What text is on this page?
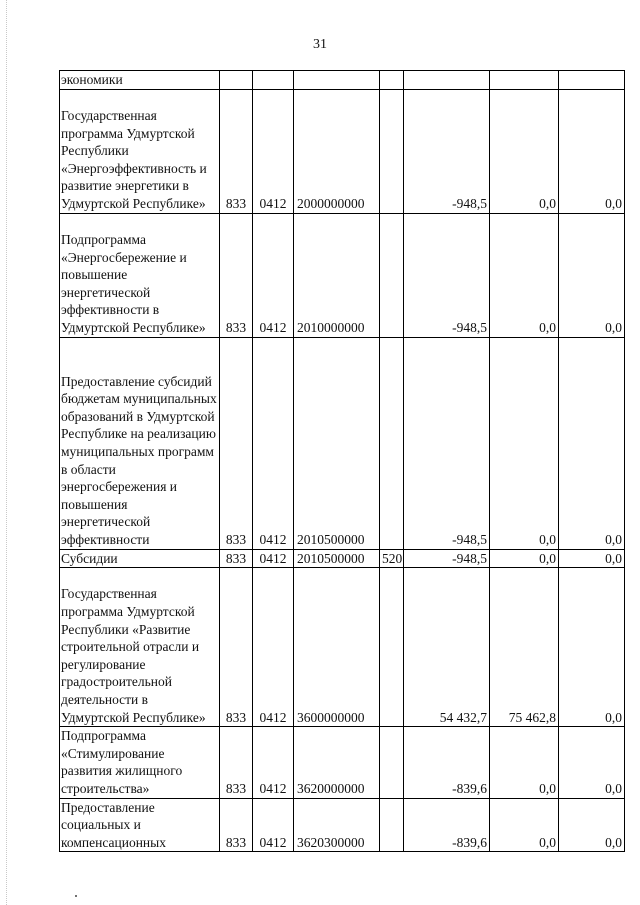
31
экономики							
Государственная программа Удмуртской Республики «Энергоэффективность и развитие энергетики в Удмуртской Республике»	833	0412	2000000000		-948,5	0,0	0,0
Подпрограмма «Энергосбережение и повышение энергетической эффективности в Удмуртской Республике»	833	0412	2010000000		-948,5	0,0	0,0
Предоставление субсидий бюджетам муниципальных образований в Удмуртской Республике на реализацию муниципальных программ в области энергосбережения и повышения энергетической эффективности	833	0412	2010500000		-948,5	0,0	0,0
Субсидии	833	0412	2010500000	520	-948,5	0,0	0,0
Государственная программа Удмуртской Республики «Развитие строительной отрасли и регулирование градостроительной деятельности в Удмуртской Республике»	833	0412	3600000000		54 432,7	75 462,8	0,0
Подпрограмма «Стимулирование развития жилищного строительства»	833	0412	3620000000		-839,6	0,0	0,0
Предоставление социальных и компенсационных	833	0412	3620300000		-839,6	0,0	0,0
